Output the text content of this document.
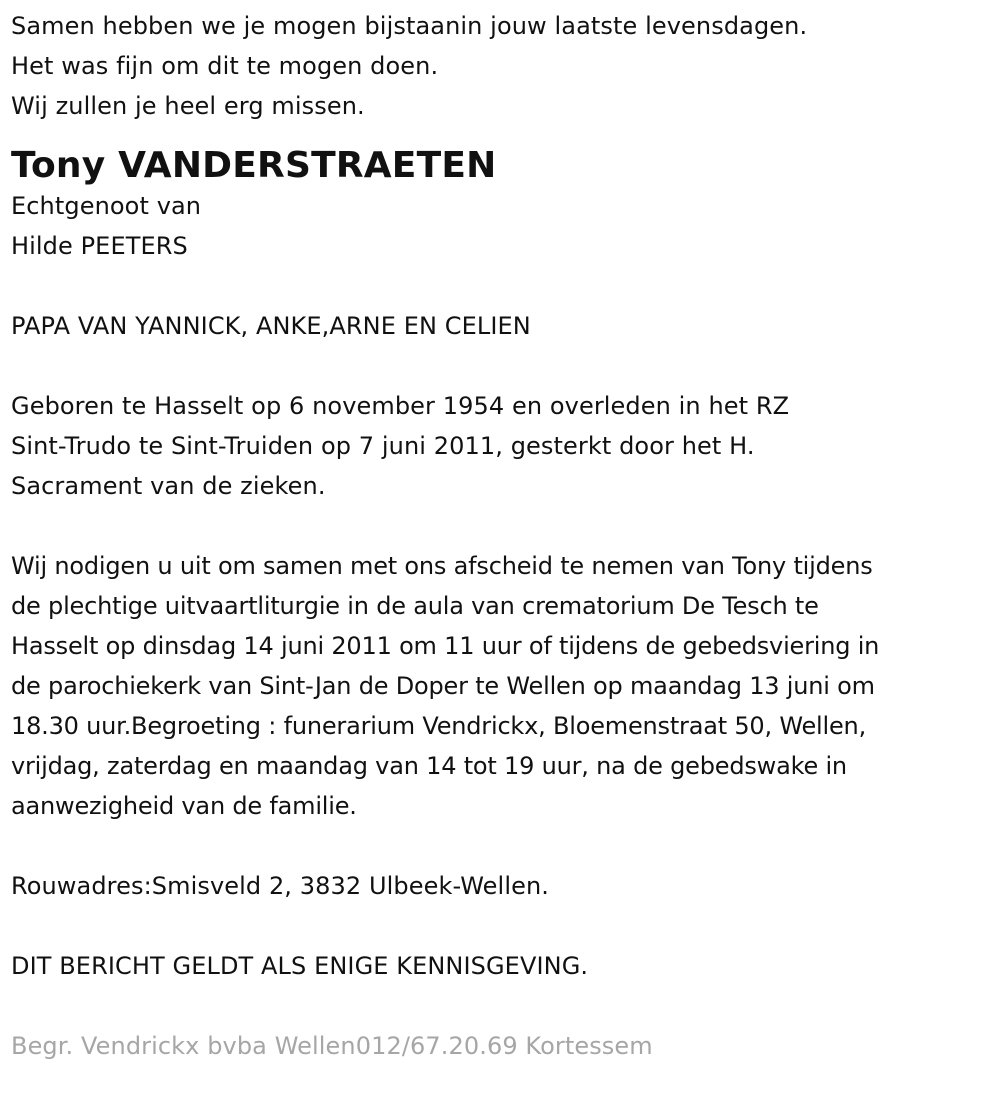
Samen hebben we je mogen bijstaanin jouw laatste levensdagen.
Het was fijn om dit te mogen doen.
Wij zullen je heel erg missen.
Tony VANDERSTRAETEN
Echtgenoot van
Hilde PEETERS
PAPA VAN YANNICK, ANKE,ARNE EN CELIEN
Geboren te Hasselt op 6 november 1954 en overleden in het RZ
Sint-Trudo te Sint-Truiden op 7 juni 2011, gesterkt door het H.
Sacrament van de zieken.
Wij nodigen u uit om samen met ons afscheid te nemen van Tony tijdens
de plechtige uitvaartliturgie in de aula van crematorium De Tesch te
Hasselt op dinsdag 14 juni 2011 om 11 uur of tijdens de gebedsviering in
de parochiekerk van Sint-Jan de Doper te Wellen op maandag 13 juni om
18.30 uur.Begroeting : funerarium Vendrickx, Bloemenstraat 50, Wellen,
vrijdag, zaterdag en maandag van 14 tot 19 uur, na de gebedswake in
aanwezigheid van de familie.
Rouwadres:Smisveld 2, 3832 Ulbeek-Wellen.
DIT BERICHT GELDT ALS ENIGE KENNISGEVING.
Begr. Vendrickx bvba Wellen012/67.20.69 Kortessem
